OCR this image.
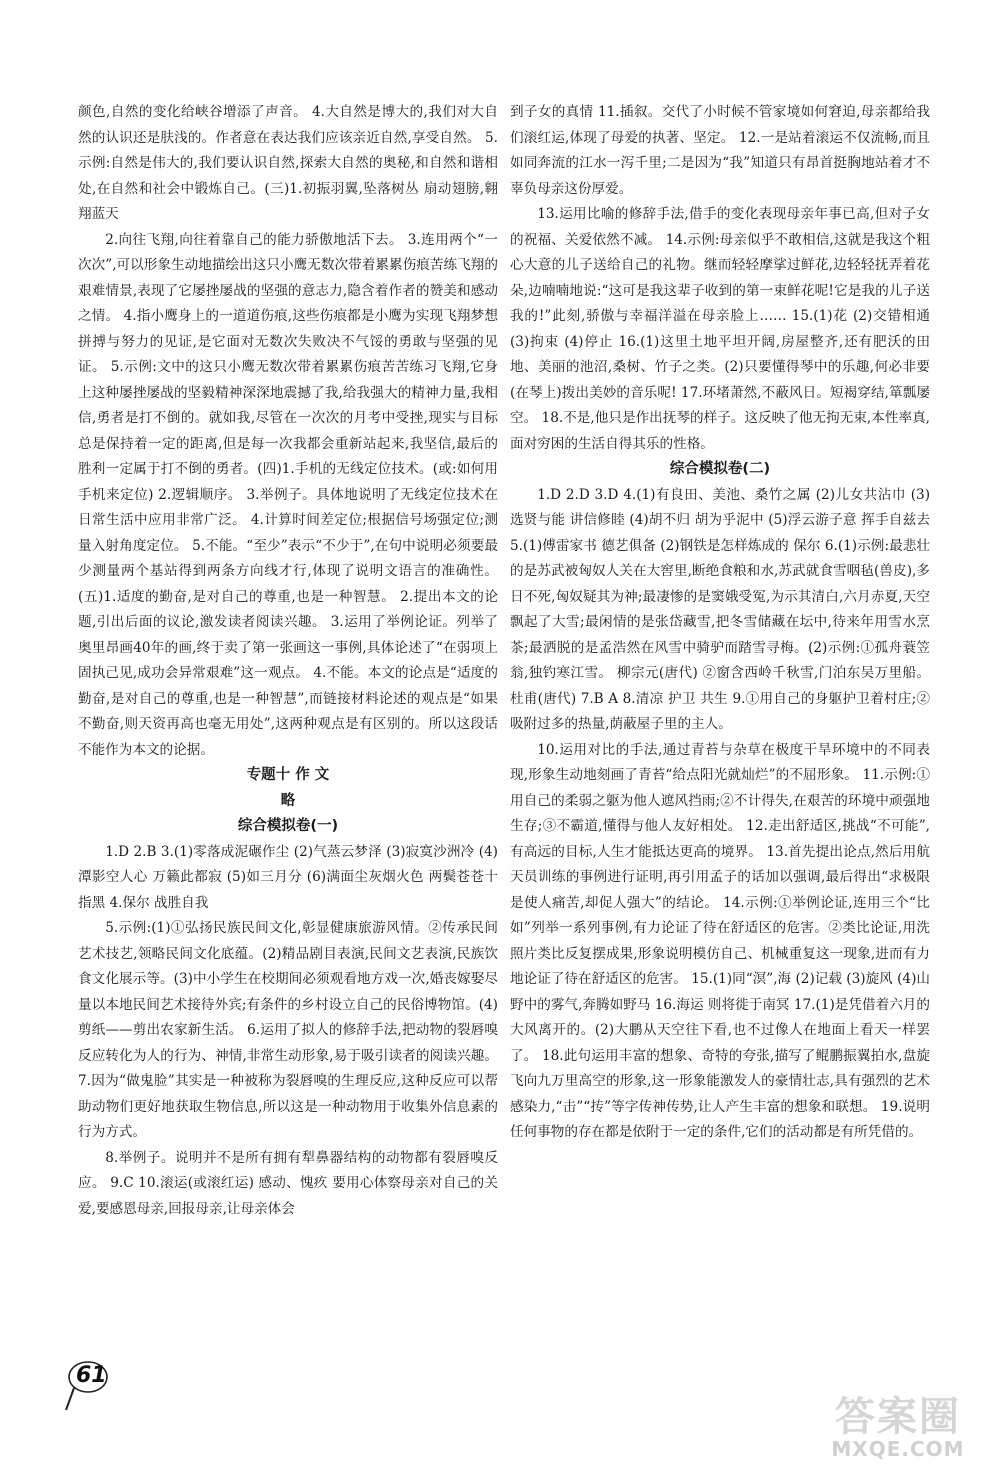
颜色,自然的变化给峡谷增添了声音。 4.大自然是博大的,我们对大自然的认识还是肤浅的。作者意在表达我们应该亲近自然,享受自然。 5.示例:自然是伟大的,我们要认识自然,探索大自然的奥秘,和自然和谐相处,在自然和社会中锻炼自己。(三)1.初振羽翼,坠落树丛 扇动翅膀,翱翔蓝天

2.向往飞翔,向往着靠自己的能力骄傲地活下去。 3.连用两个“一次次”,可以形象生动地描绘出这只小鹰无数次带着累累伤痕苦练飞翔的艰难情景,表现了它屡挫屡战的坚强的意志力,隐含着作者的赞美和感动之情。 4.指小鹰身上的一道道伤痕,这些伤痕都是小鹰为实现飞翔梦想拼搏与努力的见证,是它面对无数次失败决不气馁的勇敢与坚强的见证。 5.示例:文中的这只小鹰无数次带着累累伤痕苦苦练习飞翔,它身上这种屡挫屡战的坚毅精神深深地震撼了我,给我强大的精神力量,我相信,勇者是打不倒的。就如我,尽管在一次次的月考中受挫,现实与目标总是保持着一定的距离,但是每一次我都会重新站起来,我坚信,最后的胜利一定属于打不倒的勇者。(四)1.手机的无线定位技术。(或:如何用手机来定位) 2.逻辑顺序。 3.举例子。具体地说明了无线定位技术在日常生活中应用非常广泛。 4.计算时间差定位;根据信号场强定位;测量入射角度定位。 5.不能。“至少”表示“不少于”,在句中说明必须要最少测量两个基站得到两条方向线才行,体现了说明文语言的准确性。(五)1.适度的勤奋,是对自己的尊重,也是一种智慧。 2.提出本文的论题,引出后面的议论,激发读者阅读兴趣。 3.运用了举例论证。列举了奥里昂画40年的画,终于卖了第一张画这一事例,具体论述了“在弱项上固执己见,成功会异常艰难”这一观点。 4.不能。本文的论点是“适度的勤奋,是对自己的尊重,也是一种智慧”,而链接材料论述的观点是“如果不勤奋,则天资再高也毫无用处”,这两种观点是有区别的。所以这段话不能作为本文的论据。

专题十 作 文
略
综合模拟卷(一)

1.D 2.B 3.(1)零落成泥碾作尘 (2)气蒸云梦泽 (3)寂寞沙洲冷 (4)潭影空人心 万籁此都寂 (5)如三月分 (6)满面尘灰烟火色 两鬓苍苍十指黑 4.保尔 战胜自我

5.示例:(1)①弘扬民族民间文化,彰显健康旅游风情。②传承民间艺术技艺,领略民间文化底蕴。(2)精品剧目表演,民间文艺表演,民族饮食文化展示等。(3)中小学生在校期间必须观看地方戏一次,婚丧嫁娶尽量以本地民间艺术接待外宾;有条件的乡村设立自己的民俗博物馆。(4)剪纸——剪出农家新生活。 6.运用了拟人的修辞手法,把动物的裂唇嗅反应转化为人的行为、神情,非常生动形象,易于吸引读者的阅读兴趣。 7.因为“做鬼脸”其实是一种被称为裂唇嗅的生理反应,这种反应可以帮助动物们更好地获取生物信息,所以这是一种动物用于收集外信息素的行为方式。

8.举例子。说明并不是所有拥有犁鼻器结构的动物都有裂唇嗅反应。 9.C 10.滚运(或滚红运) 感动、愧疚 要用心体察母亲对自己的关爱,要感恩母亲,回报母亲,让母亲体会

到子女的真情 11.插叙。交代了小时候不管家境如何窘迫,母亲都给我们滚红运,体现了母爱的执著、坚定。 12.一是站着滚运不仅流畅,而且如同奔流的江水一泻千里;二是因为“我”知道只有昂首挺胸地站着才不辜负母亲这份厚爱。

13.运用比喻的修辞手法,借手的变化表现母亲年事已高,但对子女的祝福、关爱依然不减。 14.示例:母亲似乎不敢相信,这就是我这个粗心大意的儿子送给自己的礼物。继而轻轻摩挲过鲜花,边轻轻抚弄着花朵,边喃喃地说:“这可是我这辈子收到的第一束鲜花呢!它是我的儿子送我的!”此刻,骄傲与幸福洋溢在母亲脸上…… 15.(1)花 (2)交错相通 (3)拘束 (4)停止 16.(1)这里土地平坦开阔,房屋整齐,还有肥沃的田地、美丽的池沼,桑树、竹子之类。(2)只要懂得琴中的乐趣,何必非要(在琴上)拨出美妙的音乐呢! 17.环堵萧然,不蔽风日。短褐穿结,箪瓢屡空。 18.不是,他只是作出抚琴的样子。这反映了他无拘无束,本性率真,面对穷困的生活自得其乐的性格。

综合模拟卷(二)

1.D 2.D 3.D 4.(1)有良田、美池、桑竹之属 (2)儿女共沾巾 (3)选贤与能 讲信修睦 (4)胡不归 胡为乎泥中 (5)浮云游子意 挥手自兹去 5.(1)傅雷家书 德艺俱备 (2)钢铁是怎样炼成的 保尔 6.(1)示例:最悲壮的是苏武被匈奴人关在大窖里,断绝食粮和水,苏武就食雪咽毡(兽皮),多日不死,匈奴疑其为神;最凄惨的是窦娥受冤,为示其清白,六月赤夏,天空飘起了大雪;最闲情的是张岱藏雪,把冬雪储藏在坛中,待来年用雪水烹茶;最洒脱的是孟浩然在风雪中骑驴而踏雪寻梅。(2)示例:①孤舟蓑笠翁,独钓寒江雪。 柳宗元(唐代) ②窗含西岭千秋雪,门泊东吴万里船。 杜甫(唐代) 7.B A 8.清凉 护卫 共生 9.①用自己的身躯护卫着村庄;②吸附过多的热量,荫蔽屋子里的主人。

10.运用对比的手法,通过青苔与杂草在极度干旱环境中的不同表现,形象生动地刻画了青苔“给点阳光就灿烂”的不屈形象。 11.示例:①用自己的柔弱之躯为他人遮风挡雨;②不计得失,在艰苦的环境中顽强地生存;③不霸道,懂得与他人友好相处。 12.走出舒适区,挑战“不可能”,有高远的目标,人生才能抵达更高的境界。 13.首先提出论点,然后用航天员训练的事例进行证明,再引用孟子的话加以强调,最后得出“求极限是使人痛苦,却促人强大”的结论。 14.示例:①举例论证,连用三个“比如”列举一系列事例,有力论证了待在舒适区的危害。②类比论证,用洗照片类比反复摆成果,形象说明模仿自己、机械重复这一现象,进而有力地论证了待在舒适区的危害。 15.(1)同“溟”,海 (2)记载 (3)旋风 (4)山野中的雾气,奔腾如野马 16.海运 则将徙于南冥 17.(1)是凭借着六月的大风离开的。(2)大鹏从天空往下看,也不过像人在地面上看天一样罢了。 18.此句运用丰富的想象、奇特的夸张,描写了鲲鹏振翼拍水,盘旋飞向九万里高空的形象,这一形象能激发人的豪情壮志,具有强烈的艺术感染力,“击”“抟”等字传神传势,让人产生丰富的想象和联想。 19.说明任何事物的存在都是依附于一定的条件,它们的活动都是有所凭借的。

61
答案圈
MXQE.COM
